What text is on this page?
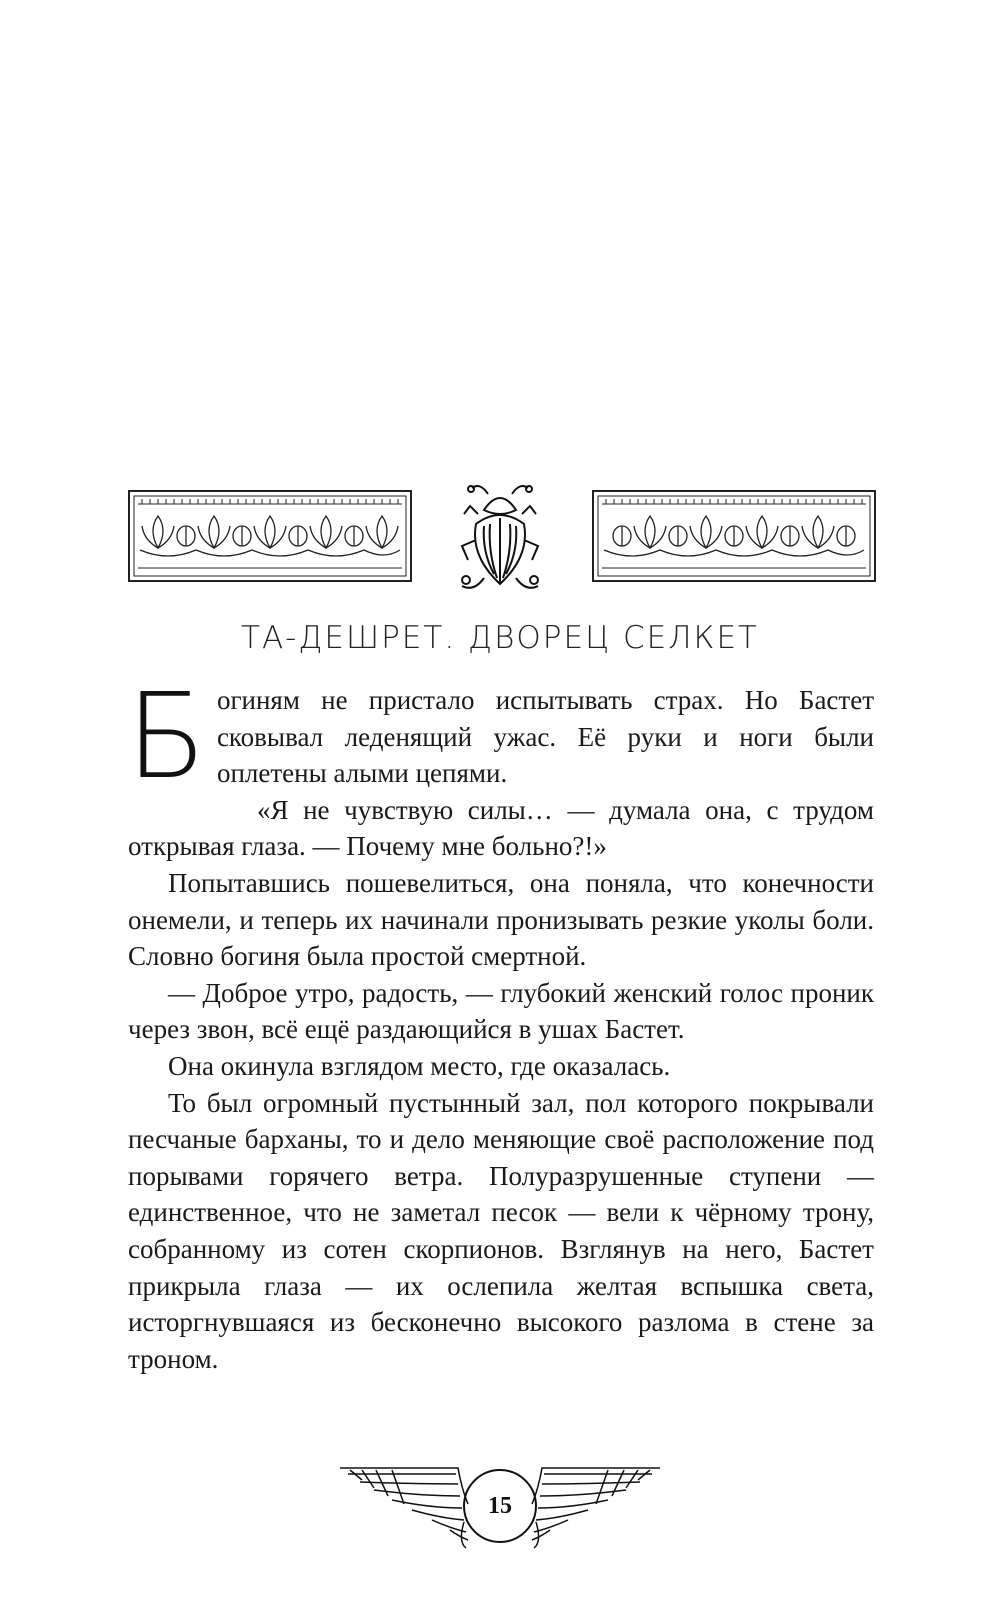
ТА-ДЕШРЕТ. ДВОРЕЦ СЕЛКЕТ

Богиням не пристало испытывать страх. Но Бастет сковывал леденящий ужас. Её руки и ноги были оплетены алыми цепями.

«Я не чувствую силы… — думала она, с трудом открывая глаза. — Почему мне больно?!»

Попытавшись пошевелиться, она поняла, что конечности онемели, и теперь их начинали пронизывать резкие уколы боли. Словно богиня была простой смертной.

— Доброе утро, радость, — глубокий женский голос проник через звон, всё ещё раздающийся в ушах Бастет.

Она окинула взглядом место, где оказалась.

То был огромный пустынный зал, пол которого покрывали песчаные барханы, то и дело меняющие своё расположение под порывами горячего ветра. Полуразрушенные ступени — единственное, что не заметал песок — вели к чёрному трону, собранному из сотен скорпионов. Взглянув на него, Бастет прикрыла глаза — их ослепила желтая вспышка света, исторгнувшаяся из бесконечно высокого разлома в стене за троном.

15
